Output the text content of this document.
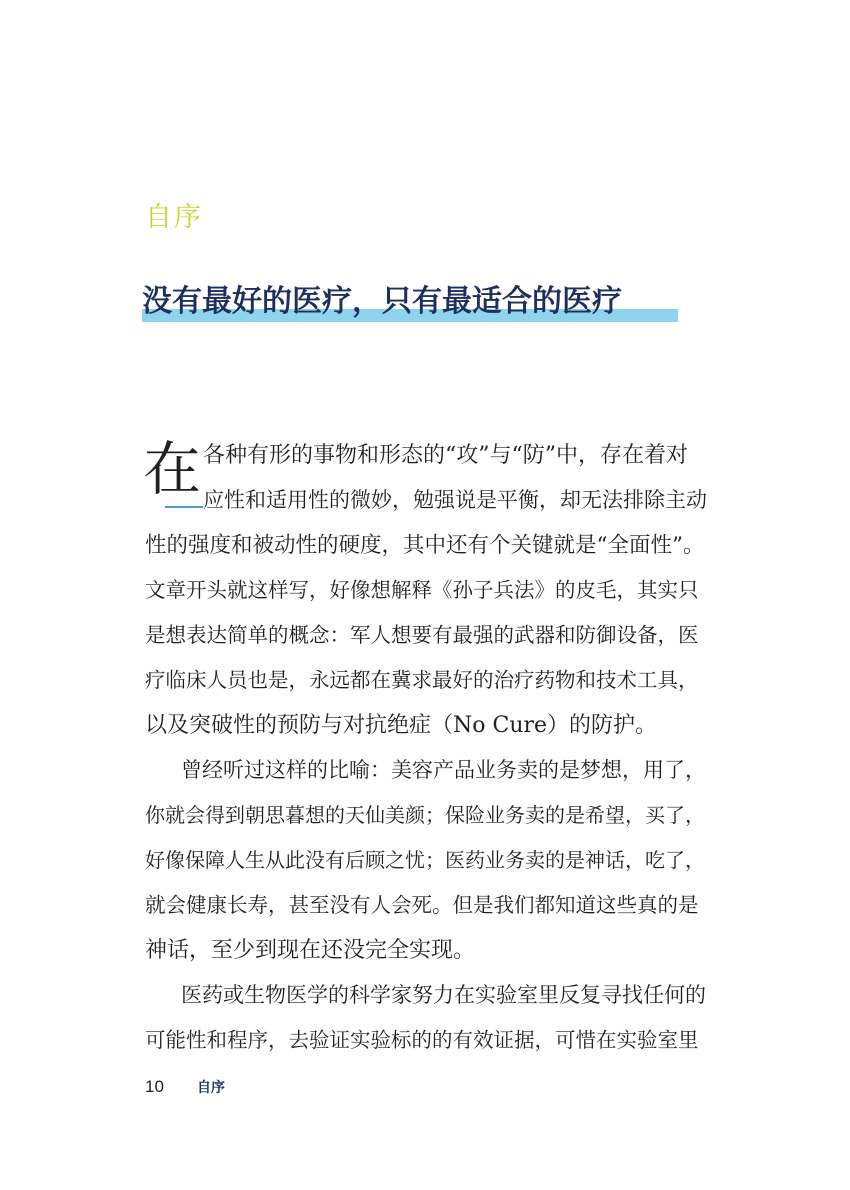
自序
没有最好的医疗，只有最适合的医疗
在 各种有形的事物和形态的“攻”与“防”中，存在着对
应性和适用性的微妙，勉强说是平衡，却无法排除主动
性的强度和被动性的硬度，其中还有个关键就是“全面性”。
文章开头就这样写，好像想解释《孙子兵法》的皮毛，其实只
是想表达简单的概念：军人想要有最强的武器和防御设备，医
疗临床人员也是，永远都在冀求最好的治疗药物和技术工具，
以及突破性的预防与对抗绝症（No Cure）的防护。
曾经听过这样的比喻：美容产品业务卖的是梦想，用了，
你就会得到朝思暮想的天仙美颜；保险业务卖的是希望，买了，
好像保障人生从此没有后顾之忧；医药业务卖的是神话，吃了，
就会健康长寿，甚至没有人会死。但是我们都知道这些真的是
神话，至少到现在还没完全实现。
医药或生物医学的科学家努力在实验室里反复寻找任何的
可能性和程序，去验证实验标的的有效证据，可惜在实验室里
10 自序
